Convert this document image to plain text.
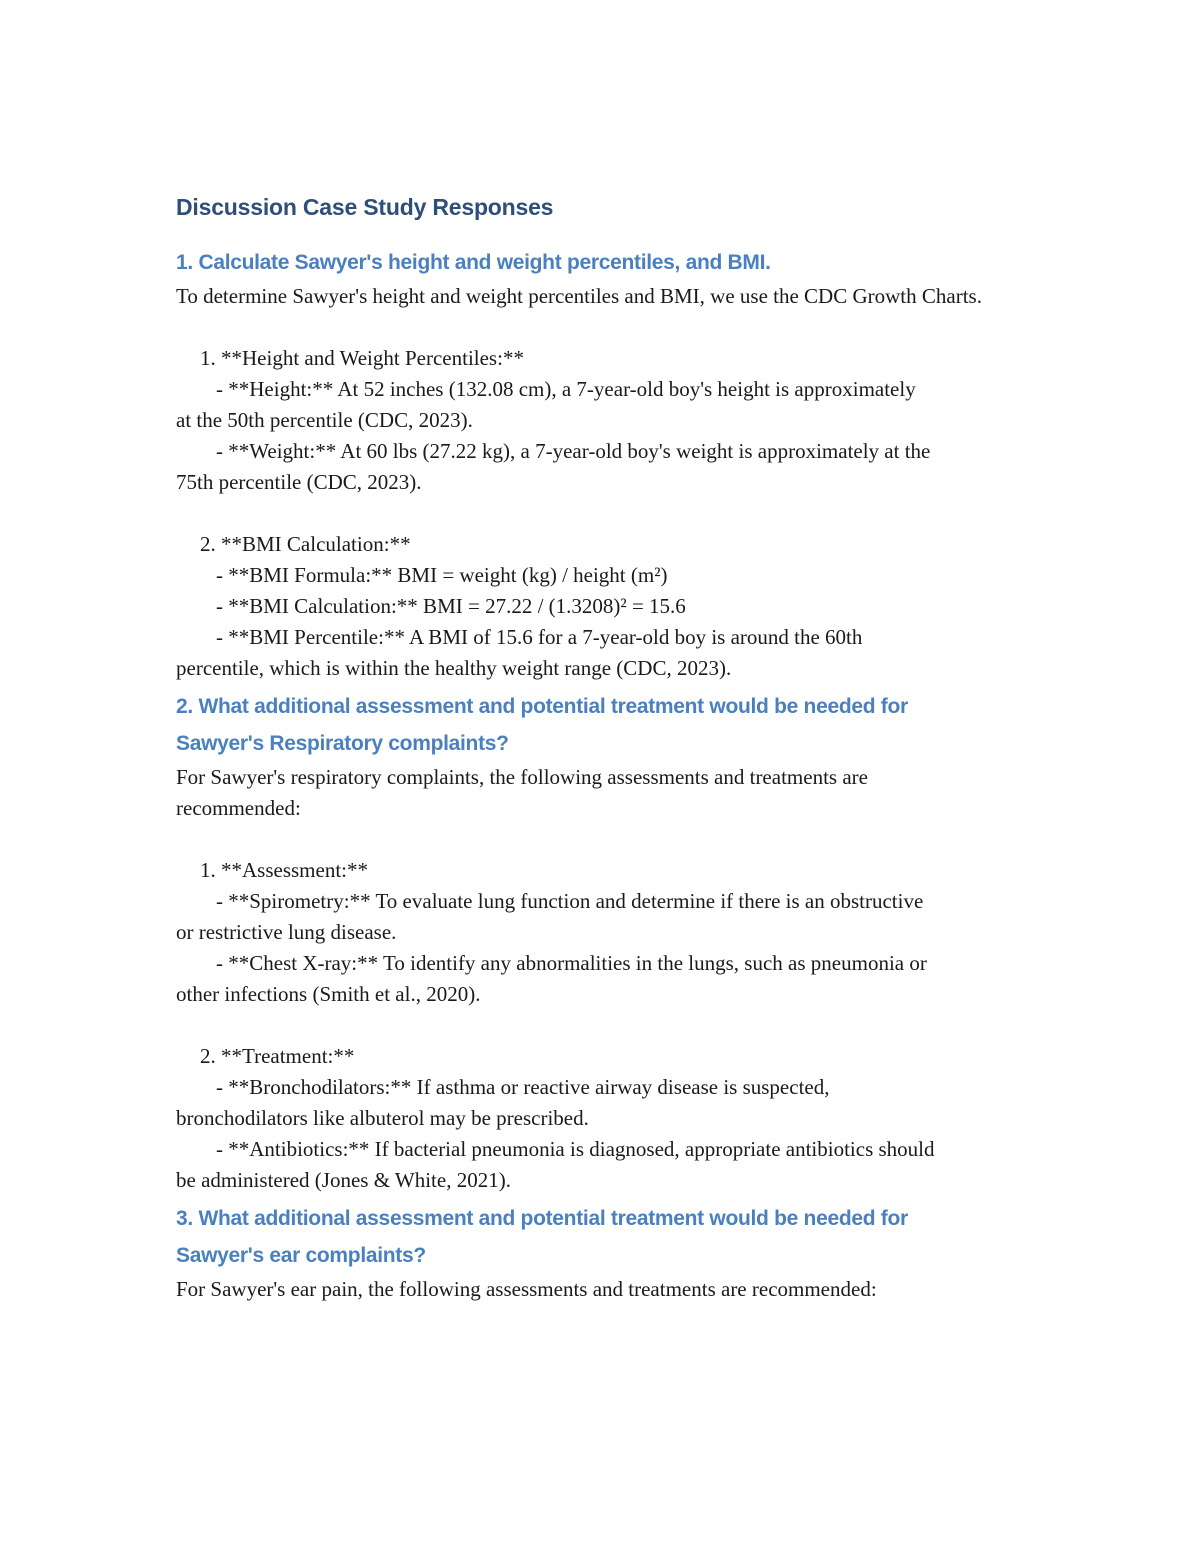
Discussion Case Study Responses
1. Calculate Sawyer's height and weight percentiles, and BMI.

To determine Sawyer's height and weight percentiles and BMI, we use the CDC Growth Charts.

1. **Height and Weight Percentiles:**

- **Height:** At 52 inches (132.08 cm), a 7-year-old boy's height is approximately

at the 50th percentile (CDC, 2023).

- **Weight:** At 60 lbs (27.22 kg), a 7-year-old boy's weight is approximately at the

75th percentile (CDC, 2023).

2. **BMI Calculation:**

- **BMI Formula:** BMI = weight (kg) / height (m²)

- **BMI Calculation:** BMI = 27.22 / (1.3208)² = 15.6

- **BMI Percentile:** A BMI of 15.6 for a 7-year-old boy is around the 60th

percentile, which is within the healthy weight range (CDC, 2023).

2. What additional assessment and potential treatment would be needed for
Sawyer's Respiratory complaints?

For Sawyer's respiratory complaints, the following assessments and treatments are

recommended:

1. **Assessment:**

- **Spirometry:** To evaluate lung function and determine if there is an obstructive

or restrictive lung disease.

- **Chest X-ray:** To identify any abnormalities in the lungs, such as pneumonia or

other infections (Smith et al., 2020).

2. **Treatment:**

- **Bronchodilators:** If asthma or reactive airway disease is suspected,

bronchodilators like albuterol may be prescribed.

- **Antibiotics:** If bacterial pneumonia is diagnosed, appropriate antibiotics should

be administered (Jones & White, 2021).

3. What additional assessment and potential treatment would be needed for
Sawyer's ear complaints?

For Sawyer's ear pain, the following assessments and treatments are recommended:
